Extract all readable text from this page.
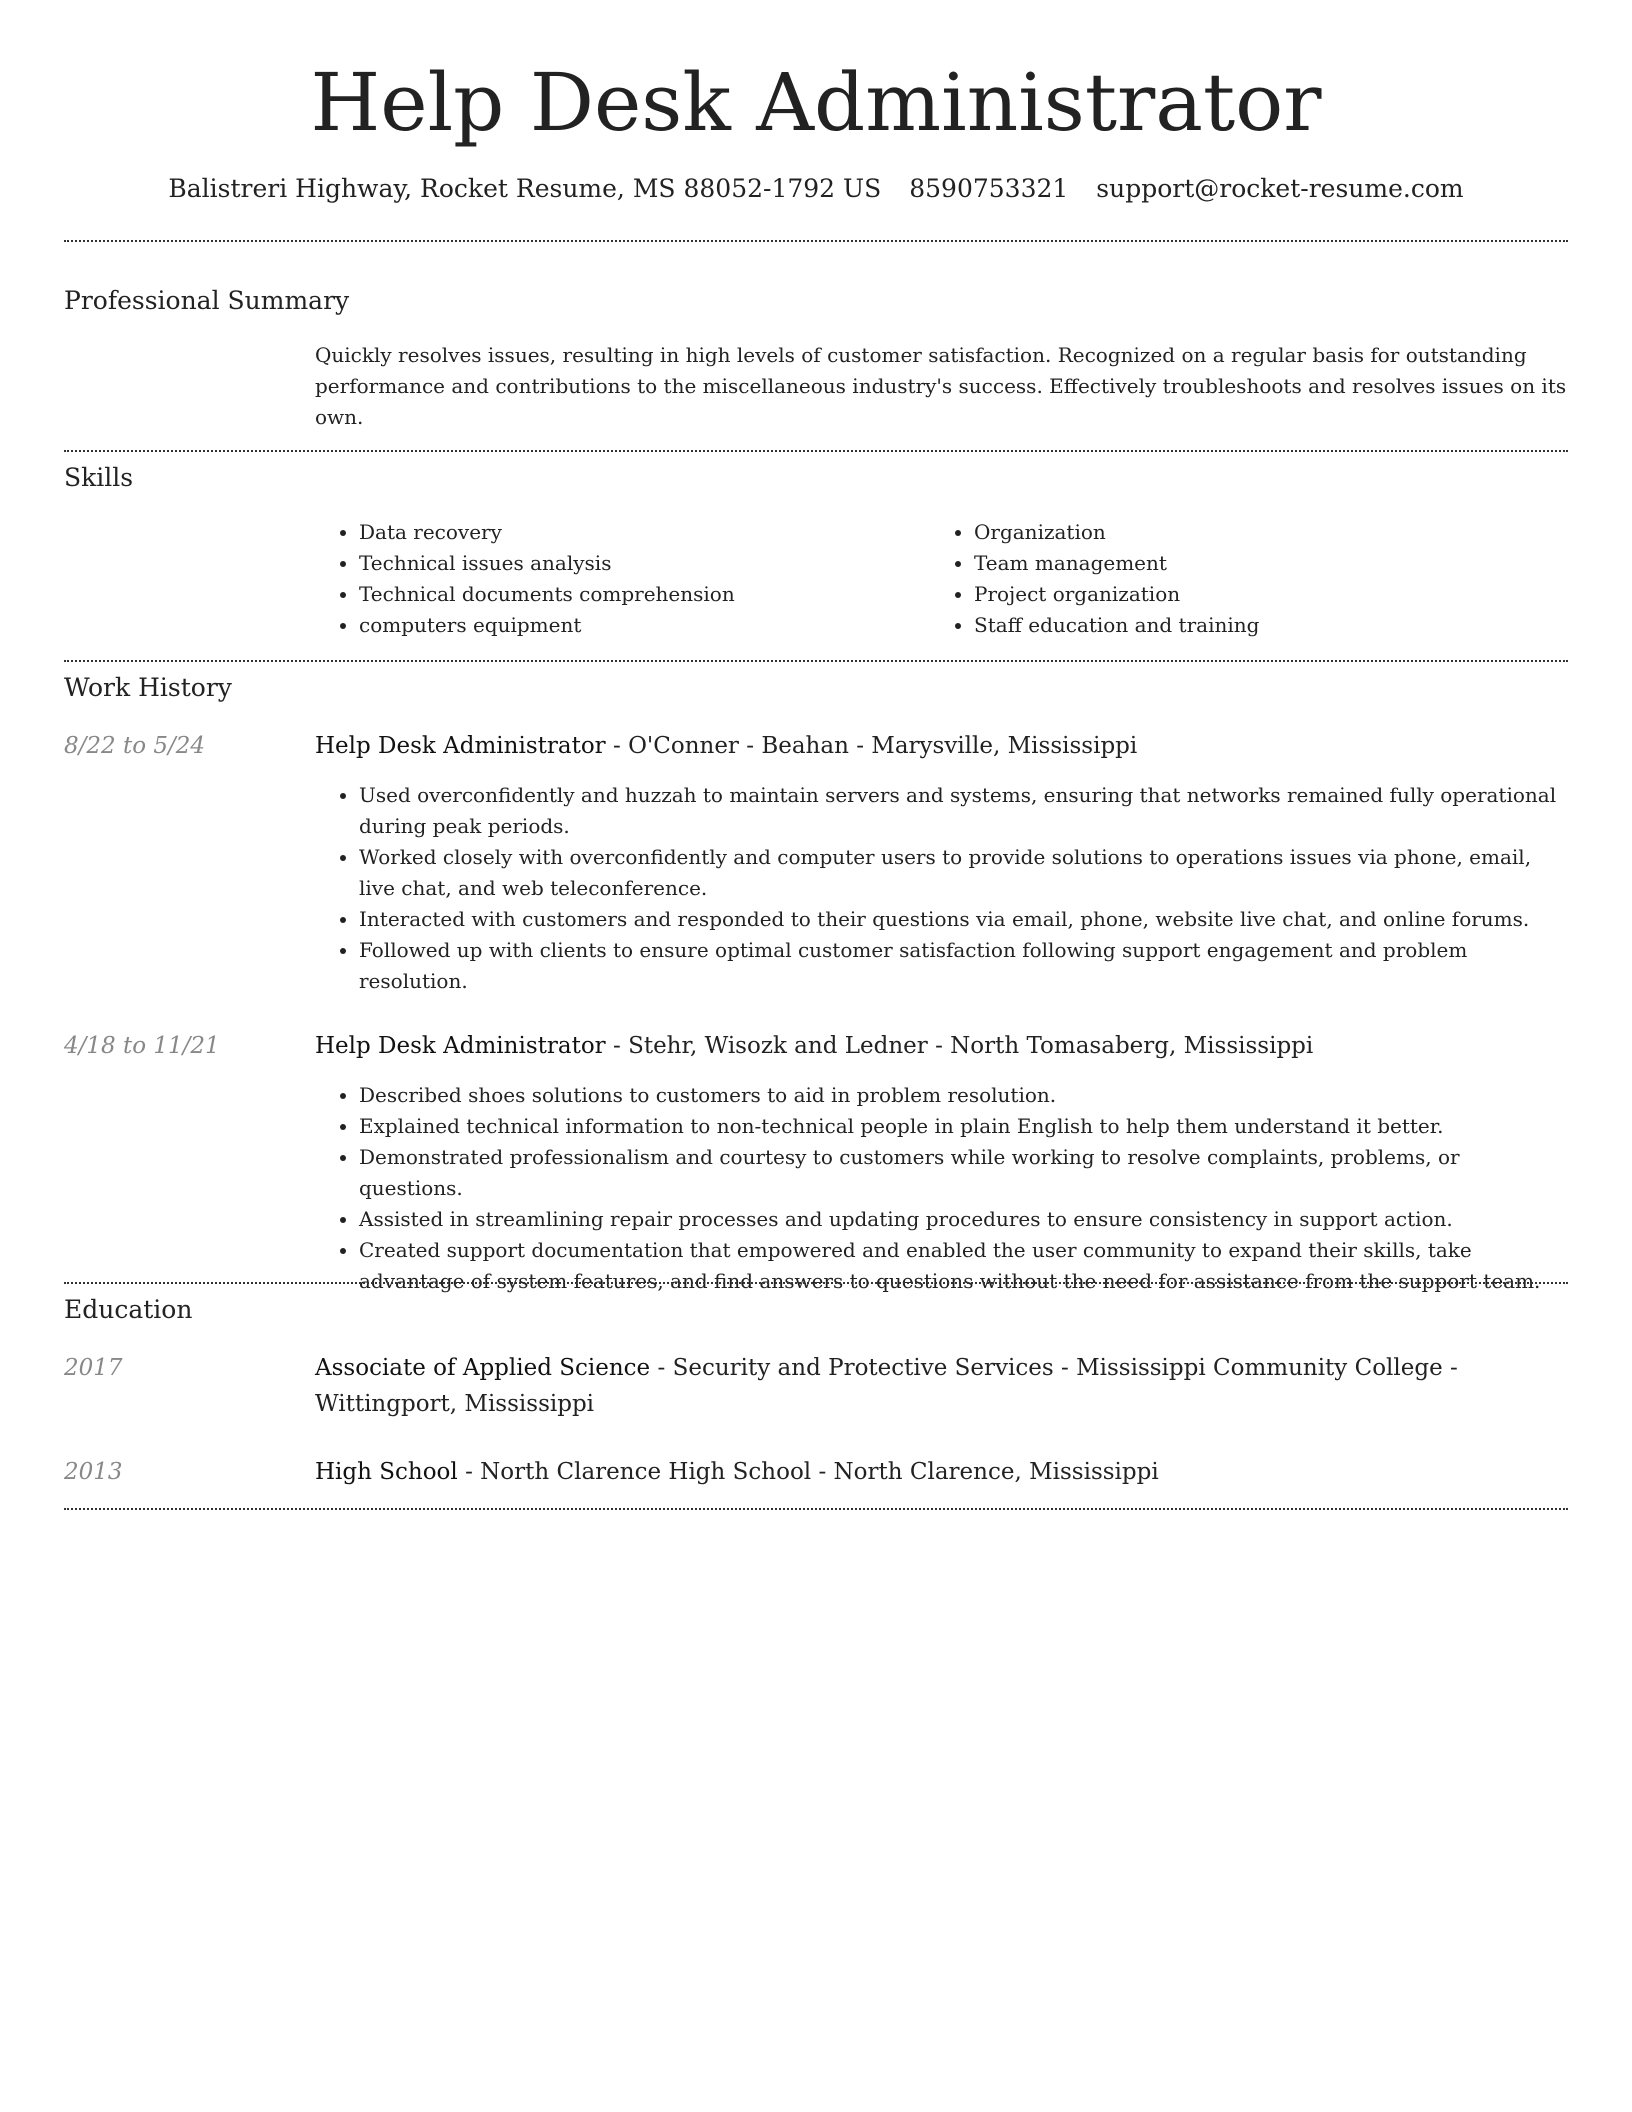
Help Desk Administrator
Balistreri Highway, Rocket Resume, MS 88052-1792 US 8590753321 support@rocket-resume.com
Professional Summary

Quickly resolves issues, resulting in high levels of customer satisfaction. Recognized on a regular basis for outstanding performance and contributions to the miscellaneous industry's success. Effectively troubleshoots and resolves issues on its own.

Skills
• Data recovery
• Technical issues analysis
• Technical documents comprehension
• computers equipment
• Organization
• Team management
• Project organization
• Staff education and training
Work History
8/22 to 5/24	Help Desk Administrator - O'Conner - Beahan - Marysville, Mississippi
• Used overconfidently and huzzah to maintain servers and systems, ensuring that networks remained fully operational during peak periods.
• Worked closely with overconfidently and computer users to provide solutions to operations issues via phone, email, live chat, and web teleconference.
• Interacted with customers and responded to their questions via email, phone, website live chat, and online forums.
• Followed up with clients to ensure optimal customer satisfaction following support engagement and problem resolution.
4/18 to 11/21	Help Desk Administrator - Stehr, Wisozk and Ledner - North Tomasaberg, Mississippi
• Described shoes solutions to customers to aid in problem resolution.
• Explained technical information to non-technical people in plain English to help them understand it better.
• Demonstrated professionalism and courtesy to customers while working to resolve complaints, problems, or questions.
• Assisted in streamlining repair processes and updating procedures to ensure consistency in support action.
• Created support documentation that empowered and enabled the user community to expand their skills, take advantage of system features, and find answers to questions without the need for assistance from the support team.
Education
2017	Associate of Applied Science - Security and Protective Services - Mississippi Community College - Wittingport, Mississippi
2013	High School - North Clarence High School - North Clarence, Mississippi
